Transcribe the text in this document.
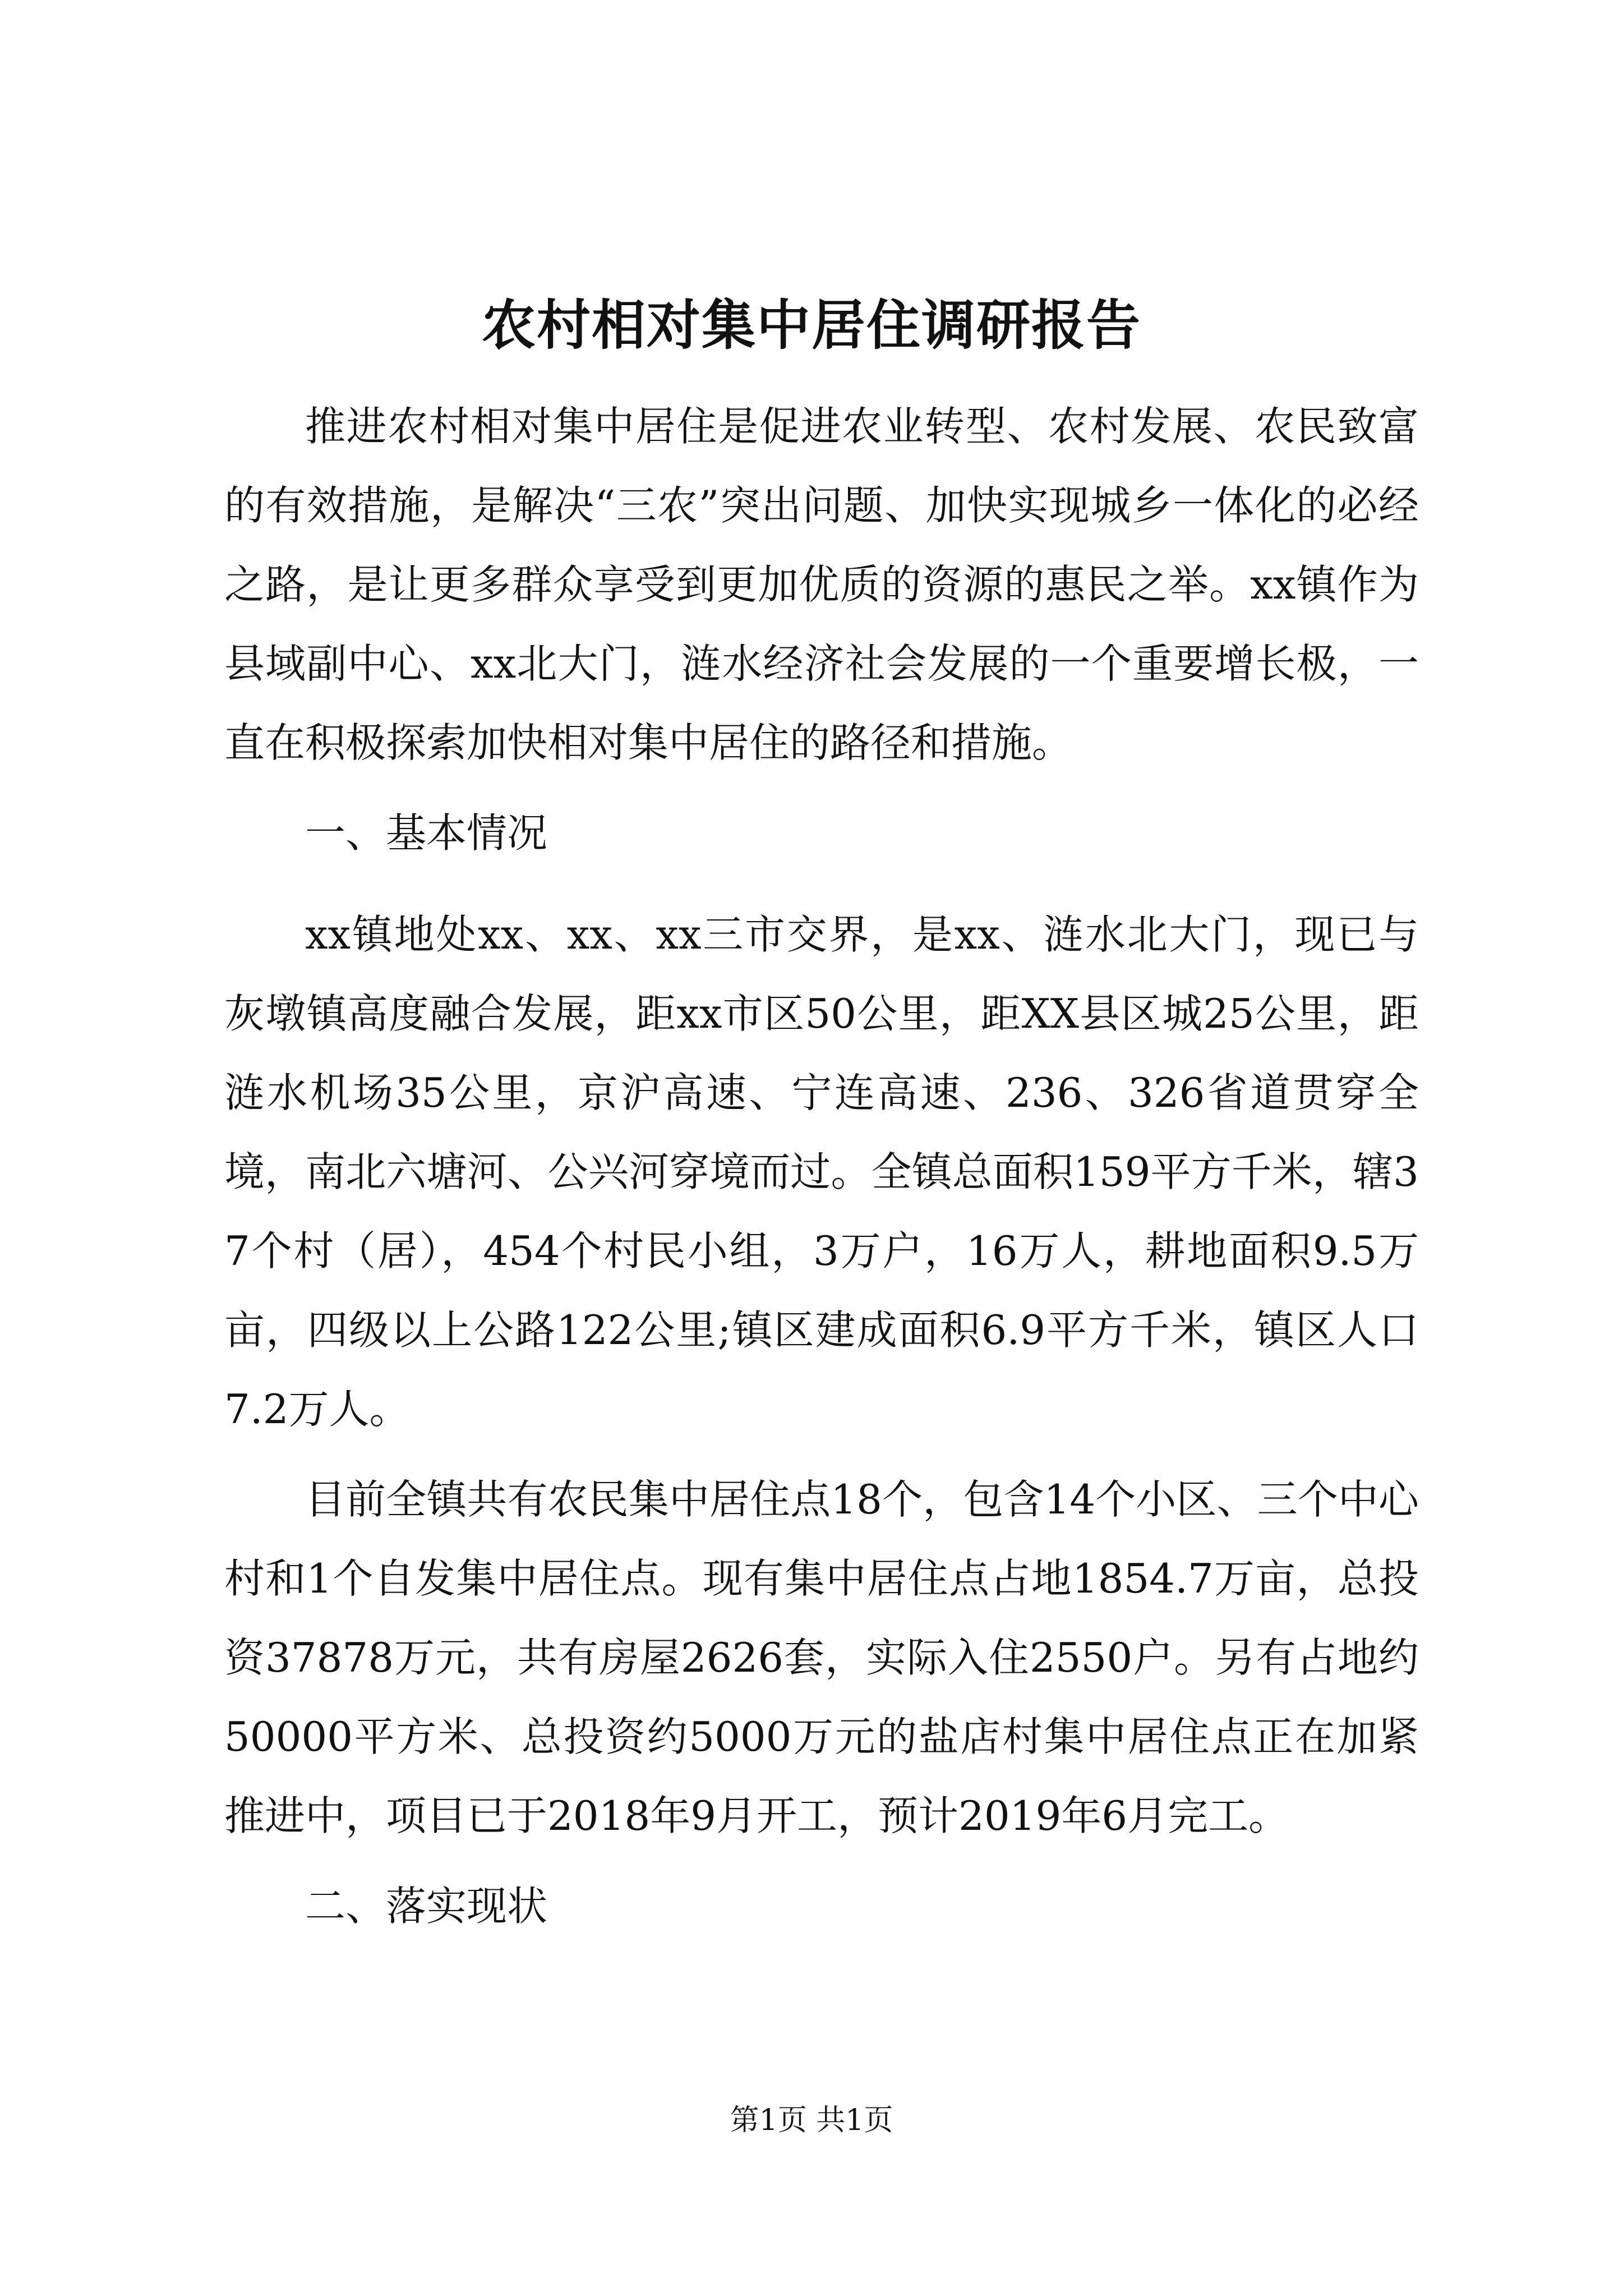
农村相对集中居住调研报告

推进农村相对集中居住是促进农业转型、农村发展、农民致富的有效措施，是解决“三农”突出问题、加快实现城乡一体化的必经之路，是让更多群众享受到更加优质的资源的惠民之举。xx镇作为县域副中心、xx北大门，涟水经济社会发展的一个重要增长极，一直在积极探索加快相对集中居住的路径和措施。

一、基本情况

xx镇地处xx、xx、xx三市交界，是xx、涟水北大门，现已与灰墩镇高度融合发展，距xx市区50公里，距XX县区城25公里，距涟水机场35公里，京沪高速、宁连高速、236、326省道贯穿全境，南北六塘河、公兴河穿境而过。全镇总面积159平方千米，辖37个村（居），454个村民小组，3万户，16万人，耕地面积9.5万亩，四级以上公路122公里;镇区建成面积6.9平方千米，镇区人口7.2万人。

目前全镇共有农民集中居住点18个，包含14个小区、三个中心村和1个自发集中居住点。现有集中居住点占地1854.7万亩，总投资37878万元，共有房屋2626套，实际入住2550户。另有占地约50000平方米、总投资约5000万元的盐店村集中居住点正在加紧推进中，项目已于2018年9月开工，预计2019年6月完工。

二、落实现状

第1页 共1页
